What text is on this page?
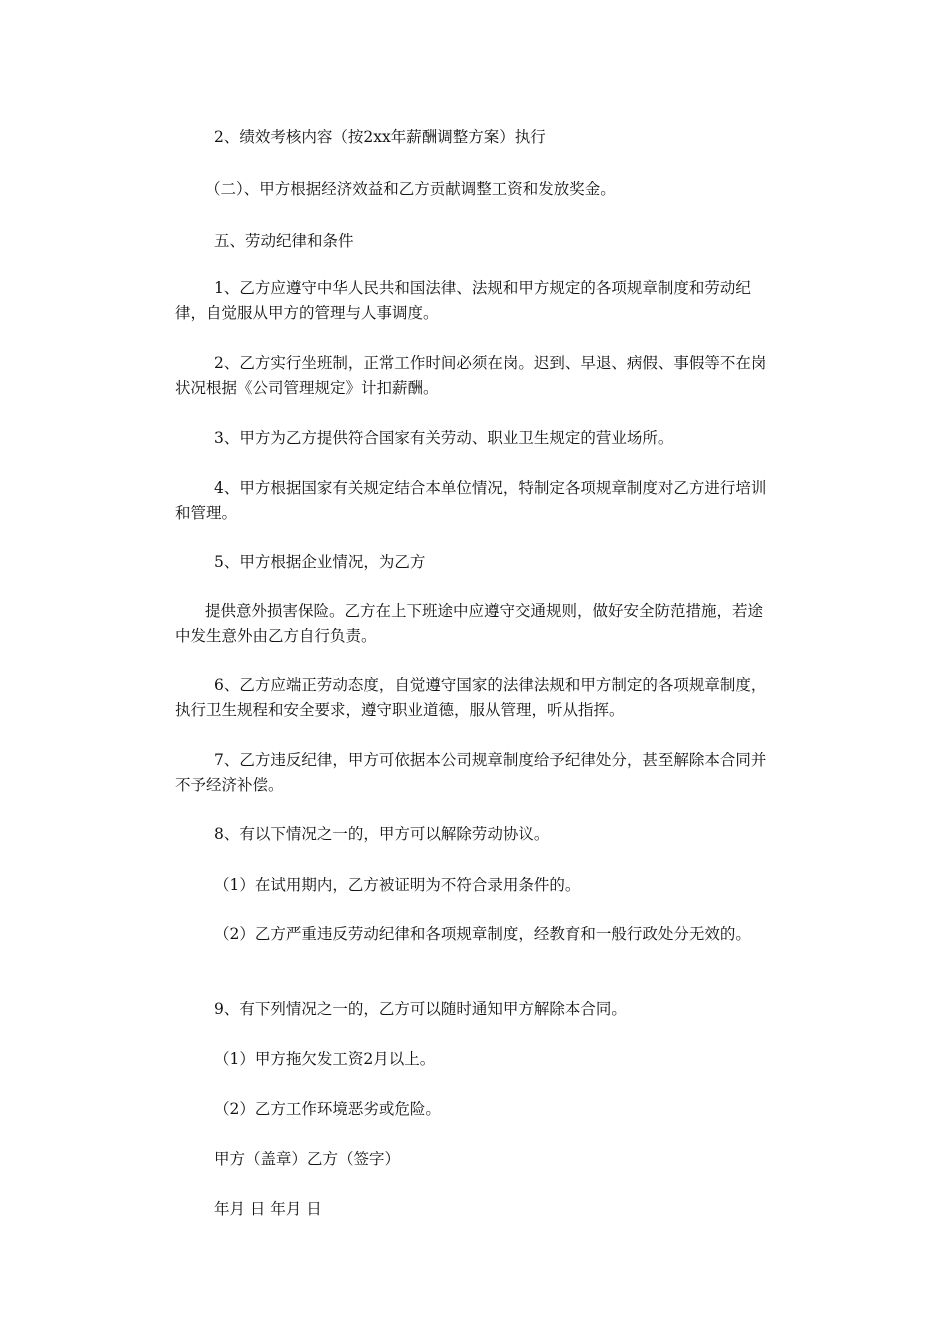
2、绩效考核内容（按2xx年薪酬调整方案）执行

（二）、甲方根据经济效益和乙方贡献调整工资和发放奖金。

五、劳动纪律和条件

1、乙方应遵守中华人民共和国法律、法规和甲方规定的各项规章制度和劳动纪律，自觉服从甲方的管理与人事调度。

2、乙方实行坐班制，正常工作时间必须在岗。迟到、早退、病假、事假等不在岗状况根据《公司管理规定》计扣薪酬。

3、甲方为乙方提供符合国家有关劳动、职业卫生规定的营业场所。

4、甲方根据国家有关规定结合本单位情况，特制定各项规章制度对乙方进行培训和管理。

5、甲方根据企业情况，为乙方

提供意外损害保险。乙方在上下班途中应遵守交通规则，做好安全防范措施，若途中发生意外由乙方自行负责。

6、乙方应端正劳动态度，自觉遵守国家的法律法规和甲方制定的各项规章制度，执行卫生规程和安全要求，遵守职业道德，服从管理，听从指挥。

7、乙方违反纪律，甲方可依据本公司规章制度给予纪律处分，甚至解除本合同并不予经济补偿。

8、有以下情况之一的，甲方可以解除劳动协议。

（1）在试用期内，乙方被证明为不符合录用条件的。

（2）乙方严重违反劳动纪律和各项规章制度，经教育和一般行政处分无效的。

9、有下列情况之一的，乙方可以随时通知甲方解除本合同。

（1）甲方拖欠发工资2月以上。

（2）乙方工作环境恶劣或危险。

甲方（盖章）乙方（签字）

年月 日 年月 日
